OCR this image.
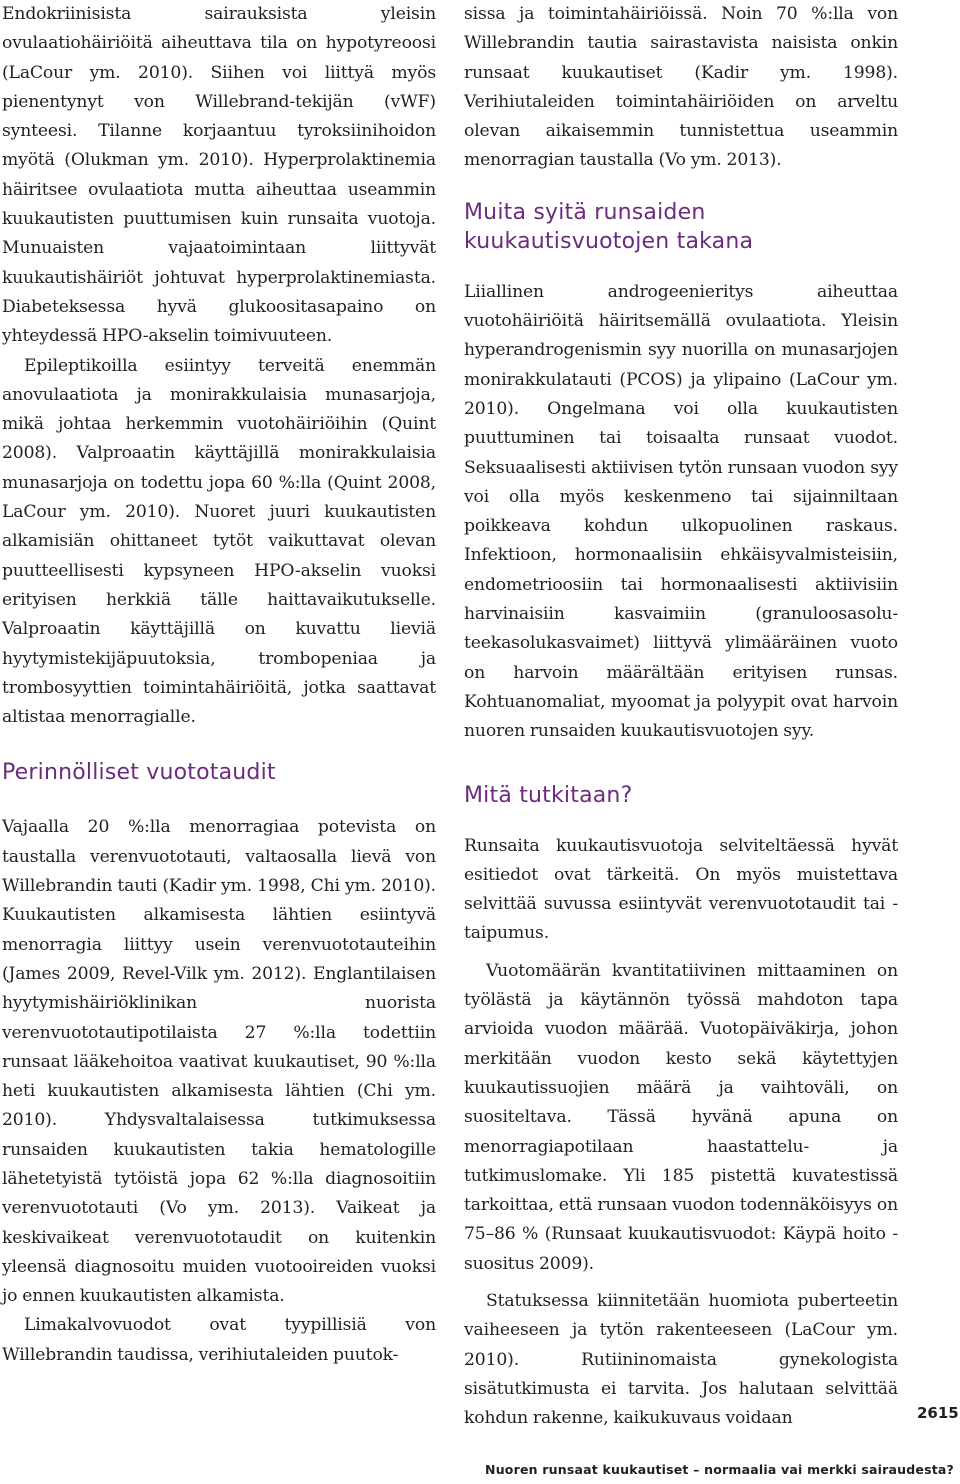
Endokriinisista sairauksista yleisin ovulaatiohäiriöitä aiheuttava tila on hypotyreoosi (LaCour ym. 2010). Siihen voi liittyä myös pienentynyt von Willebrand-tekijän (vWF) synteesi. Tilanne korjaantuu tyroksiinihoidon myötä (Olukman ym. 2010). Hyperprolaktinemia häiritsee ovulaatiota mutta aiheuttaa useammin kuukautisten puuttumisen kuin runsaita vuotoja. Munuaisten vajaatoimintaan liittyvät kuukautishäiriöt johtuvat hyperprolaktinemiasta. Diabeteksessa hyvä glukoositasapaino on yhteydessä HPO-akselin toimivuuteen.

Epileptikoilla esiintyy terveitä enemmän anovulaatiota ja monirakkulaisia munasarjoja, mikä johtaa herkemmin vuotohäiriöihin (Quint 2008). Valproaatin käyttäjillä monirakkulaisia munasarjoja on todettu jopa 60 %:lla (Quint 2008, LaCour ym. 2010). Nuoret juuri kuukautisten alkamisiän ohittaneet tytöt vaikuttavat olevan puutteellisesti kypsyneen HPO-akselin vuoksi erityisen herkkiä tälle haittavaikutukselle. Valproaatin käyttäjillä on kuvattu lieviä hyytymistekijäpuutoksia, trombopeniaa ja trombosyyttien toimintahäiriöitä, jotka saattavat altistaa menorragialle.

Perinnölliset vuototaudit

Vajaalla 20 %:lla menorragiaa potevista on taustalla verenvuototauti, valtaosalla lievä von Willebrandin tauti (Kadir ym. 1998, Chi ym. 2010). Kuukautisten alkamisesta lähtien esiintyvä menorragia liittyy usein verenvuototauteihin (James 2009, Revel-Vilk ym. 2012). Englantilaisen hyytymishäiriöklinikan nuorista verenvuototautipotilaista 27 %:lla todettiin runsaat lääkehoitoa vaativat kuukautiset, 90 %:lla heti kuukautisten alkamisesta lähtien (Chi ym. 2010). Yhdysvaltalaisessa tutkimuksessa runsaiden kuukautisten takia hematologille lähetetyistä tytöistä jopa 62 %:lla diagnosoitiin verenvuototauti (Vo ym. 2013). Vaikeat ja keskivaikeat verenvuototaudit on kuitenkin yleensä diagnosoitu muiden vuotooireiden vuoksi jo ennen kuukautisten alkamista.

Limakalvovuodot ovat tyypillisiä von Willebrandin taudissa, verihiutaleiden puutok-

sissa ja toimintahäiriöissä. Noin 70 %:lla von Willebrandin tautia sairastavista naisista onkin runsaat kuukautiset (Kadir ym. 1998). Verihiutaleiden toimintahäiriöiden on arveltu olevan aikaisemmin tunnistettua useammin menorragian taustalla (Vo ym. 2013).

Muita syitä runsaiden kuukautisvuotojen takana

Liiallinen androgeenieritys aiheuttaa vuotohäiriöitä häiritsemällä ovulaatiota. Yleisin hyperandrogenismin syy nuorilla on munasarjojen monirakkulatauti (PCOS) ja ylipaino (LaCour ym. 2010). Ongelmana voi olla kuukautisten puuttuminen tai toisaalta runsaat vuodot. Seksuaalisesti aktiivisen tytön runsaan vuodon syy voi olla myös keskenmeno tai sijainniltaan poikkeava kohdun ulkopuolinen raskaus. Infektioon, hormonaalisiin ehkäisyvalmisteisiin, endometrioosiin tai hormonaalisesti aktiivisiin harvinaisiin kasvaimiin (granuloosasolu-teekasolukasvaimet) liittyvä ylimääräinen vuoto on harvoin määrältään erityisen runsas. Kohtuanomaliat, myoomat ja polyypit ovat harvoin nuoren runsaiden kuukautisvuotojen syy.

Mitä tutkitaan?

Runsaita kuukautisvuotoja selviteltäessä hyvät esitiedot ovat tärkeitä. On myös muistettava selvittää suvussa esiintyvät verenvuototaudit tai -taipumus.

Vuotomäärän kvantitatiivinen mittaaminen on työlästä ja käytännön työssä mahdoton tapa arvioida vuodon määrää. Vuotopäiväkirja, johon merkitään vuodon kesto sekä käytettyjen kuukautissuojien määrä ja vaihtoväli, on suositeltava. Tässä hyvänä apuna on menorragiapotilaan haastattelu- ja tutkimuslomake. Yli 185 pistettä kuvatestissä tarkoittaa, että runsaan vuodon todennäköisyys on 75–86 % (Runsaat kuukautisvuodot: Käypä hoito -suositus 2009).

Statuksessa kiinnitetään huomiota puberteetin vaiheeseen ja tytön rakenteeseen (LaCour ym. 2010). Rutiininomaista gynekologista sisätutkimusta ei tarvita. Jos halutaan selvittää kohdun rakenne, kaikukuvaus voidaan	2615
Nuoren runsaat kuukautiset – normaalia vai merkki sairaudesta?
